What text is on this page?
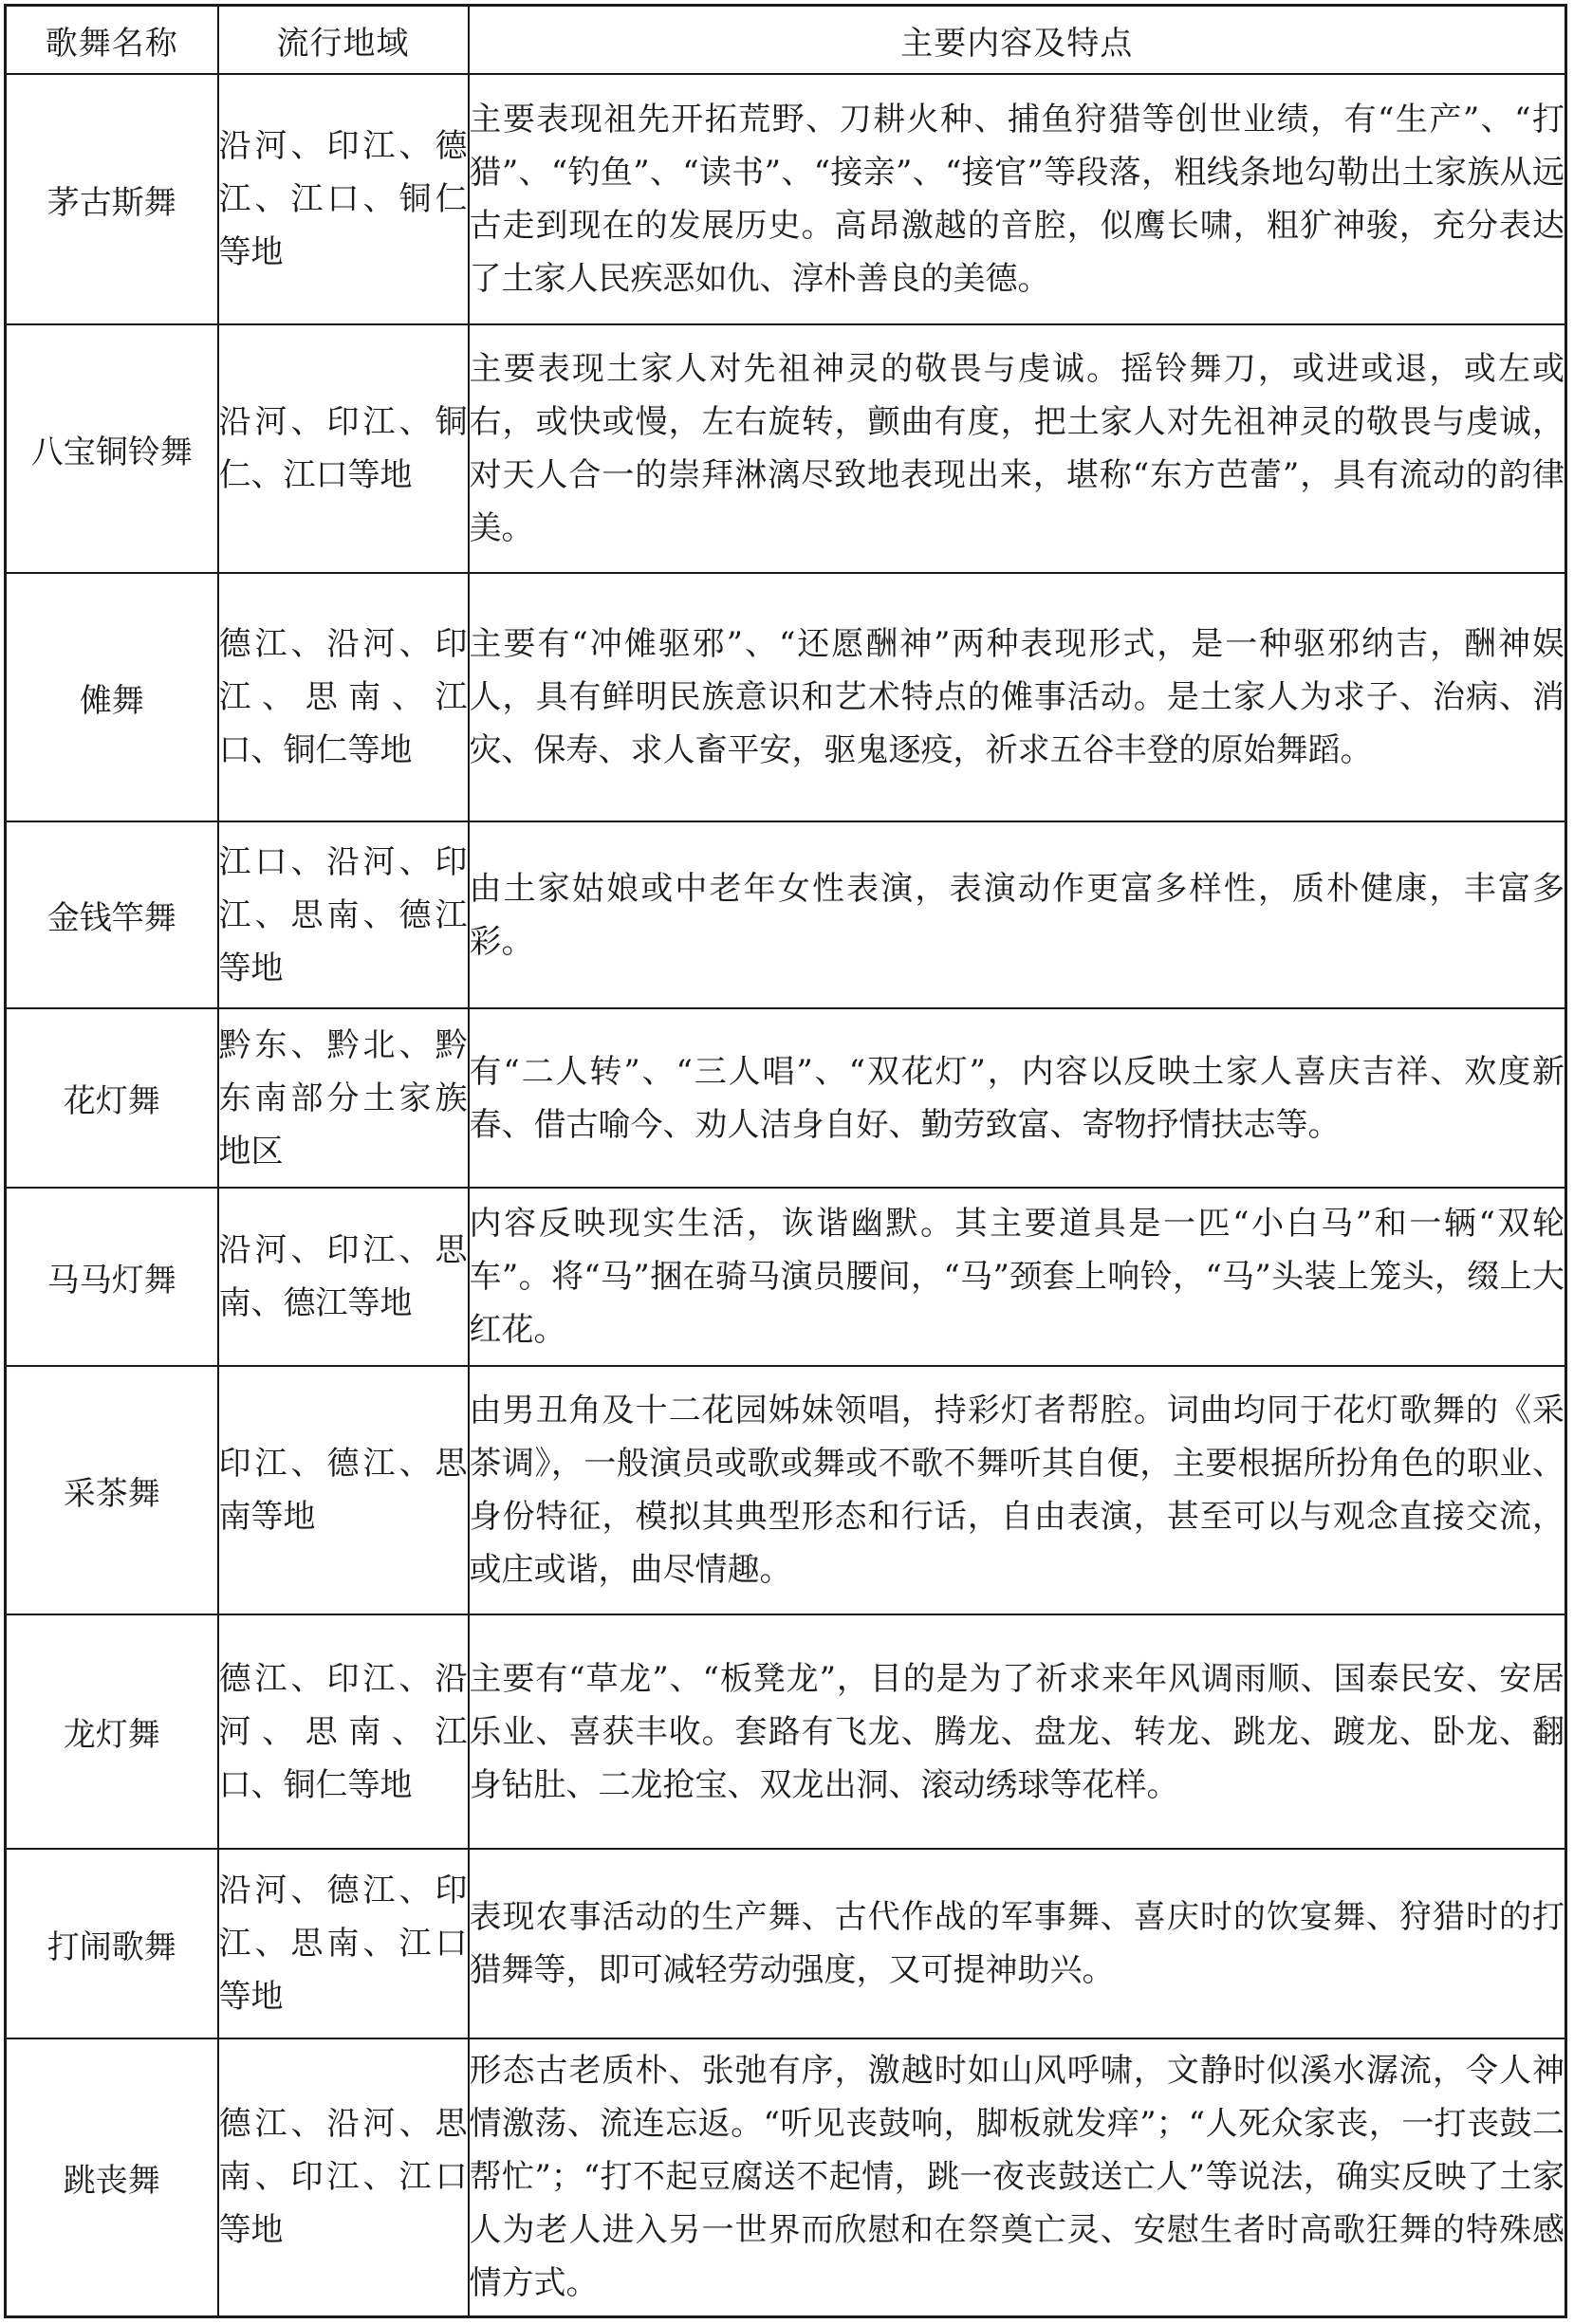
歌舞名称	流行地域	主要内容及特点
茅古斯舞	沿河、印江、德江、江口、铜仁等地	主要表现祖先开拓荒野、刀耕火种、捕鱼狩猎等创世业绩，有“生产”、“打猎”、“钓鱼”、“读书”、“接亲”、“接官”等段落，粗线条地勾勒出土家族从远古走到现在的发展历史。高昂激越的音腔，似鹰长啸，粗犷神骏，充分表达了土家人民疾恶如仇、淳朴善良的美德。
八宝铜铃舞	沿河、印江、铜仁、江口等地	主要表现土家人对先祖神灵的敬畏与虔诚。摇铃舞刀，或进或退，或左或右，或快或慢，左右旋转，颤曲有度，把土家人对先祖神灵的敬畏与虔诚，对天人合一的崇拜淋漓尽致地表现出来，堪称“东方芭蕾”，具有流动的韵律美。
傩舞	德江、沿河、印江、思南、江口、铜仁等地	主要有“冲傩驱邪”、“还愿酬神”两种表现形式，是一种驱邪纳吉，酬神娱人，具有鲜明民族意识和艺术特点的傩事活动。是土家人为求子、治病、消灾、保寿、求人畜平安，驱鬼逐疫，祈求五谷丰登的原始舞蹈。
金钱竿舞	江口、沿河、印江、思南、德江等地	由土家姑娘或中老年女性表演，表演动作更富多样性，质朴健康，丰富多彩。
花灯舞	黔东、黔北、黔东南部分土家族地区	有“二人转”、“三人唱”、“双花灯”，内容以反映土家人喜庆吉祥、欢度新春、借古喻今、劝人洁身自好、勤劳致富、寄物抒情扶志等。
马马灯舞	沿河、印江、思南、德江等地	内容反映现实生活，诙谐幽默。其主要道具是一匹“小白马”和一辆“双轮车”。将“马”捆在骑马演员腰间，“马”颈套上响铃，“马”头装上笼头，缀上大红花。
采茶舞	印江、德江、思南等地	由男丑角及十二花园姊妹领唱，持彩灯者帮腔。词曲均同于花灯歌舞的《采茶调》，一般演员或歌或舞或不歌不舞听其自便，主要根据所扮角色的职业、身份特征，模拟其典型形态和行话，自由表演，甚至可以与观念直接交流，或庄或谐，曲尽情趣。
龙灯舞	德江、印江、沿河、思南、江口、铜仁等地	主要有“草龙”、“板凳龙”，目的是为了祈求来年风调雨顺、国泰民安、安居乐业、喜获丰收。套路有飞龙、腾龙、盘龙、转龙、跳龙、踱龙、卧龙、翻身钻肚、二龙抢宝、双龙出洞、滚动绣球等花样。
打闹歌舞	沿河、德江、印江、思南、江口等地	表现农事活动的生产舞、古代作战的军事舞、喜庆时的饮宴舞、狩猎时的打猎舞等，即可减轻劳动强度，又可提神助兴。
跳丧舞	德江、沿河、思南、印江、江口等地	形态古老质朴、张弛有序，激越时如山风呼啸，文静时似溪水潺流，令人神情激荡、流连忘返。“听见丧鼓响，脚板就发痒”；“人死众家丧，一打丧鼓二帮忙”；“打不起豆腐送不起情，跳一夜丧鼓送亡人”等说法，确实反映了土家人为老人进入另一世界而欣慰和在祭奠亡灵、安慰生者时高歌狂舞的特殊感情方式。
